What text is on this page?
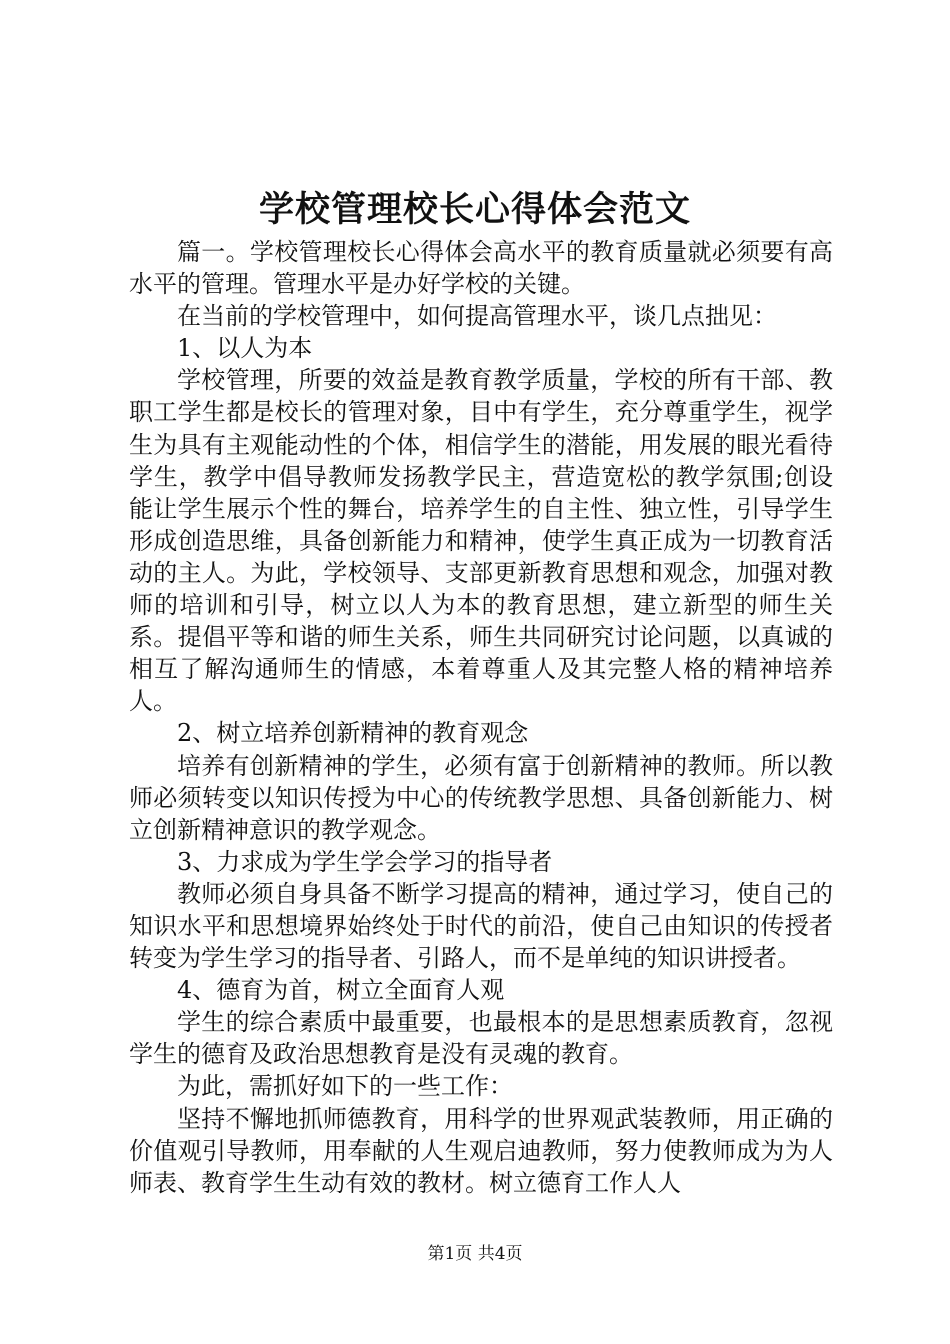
学校管理校长心得体会范文

篇一。学校管理校长心得体会高水平的教育质量就必须要有高水平的管理。管理水平是办好学校的关键。

在当前的学校管理中，如何提高管理水平，谈几点拙见：

1、以人为本

学校管理，所要的效益是教育教学质量，学校的所有干部、教职工学生都是校长的管理对象，目中有学生，充分尊重学生，视学生为具有主观能动性的个体，相信学生的潜能，用发展的眼光看待学生，教学中倡导教师发扬教学民主，营造宽松的教学氛围;创设能让学生展示个性的舞台，培养学生的自主性、独立性，引导学生形成创造思维，具备创新能力和精神，使学生真正成为一切教育活动的主人。为此，学校领导、支部更新教育思想和观念，加强对教师的培训和引导，树立以人为本的教育思想，建立新型的师生关系。提倡平等和谐的师生关系，师生共同研究讨论问题，以真诚的相互了解沟通师生的情感，本着尊重人及其完整人格的精神培养人。

2、树立培养创新精神的教育观念

培养有创新精神的学生，必须有富于创新精神的教师。所以教师必须转变以知识传授为中心的传统教学思想、具备创新能力、树立创新精神意识的教学观念。

3、力求成为学生学会学习的指导者

教师必须自身具备不断学习提高的精神，通过学习，使自己的知识水平和思想境界始终处于时代的前沿，使自己由知识的传授者转变为学生学习的指导者、引路人，而不是单纯的知识讲授者。

4、德育为首，树立全面育人观

学生的综合素质中最重要，也最根本的是思想素质教育，忽视学生的德育及政治思想教育是没有灵魂的教育。

为此，需抓好如下的一些工作：

坚持不懈地抓师德教育，用科学的世界观武装教师，用正确的价值观引导教师，用奉献的人生观启迪教师，努力使教师成为为人师表、教育学生生动有效的教材。树立德育工作人人

第1页 共4页
